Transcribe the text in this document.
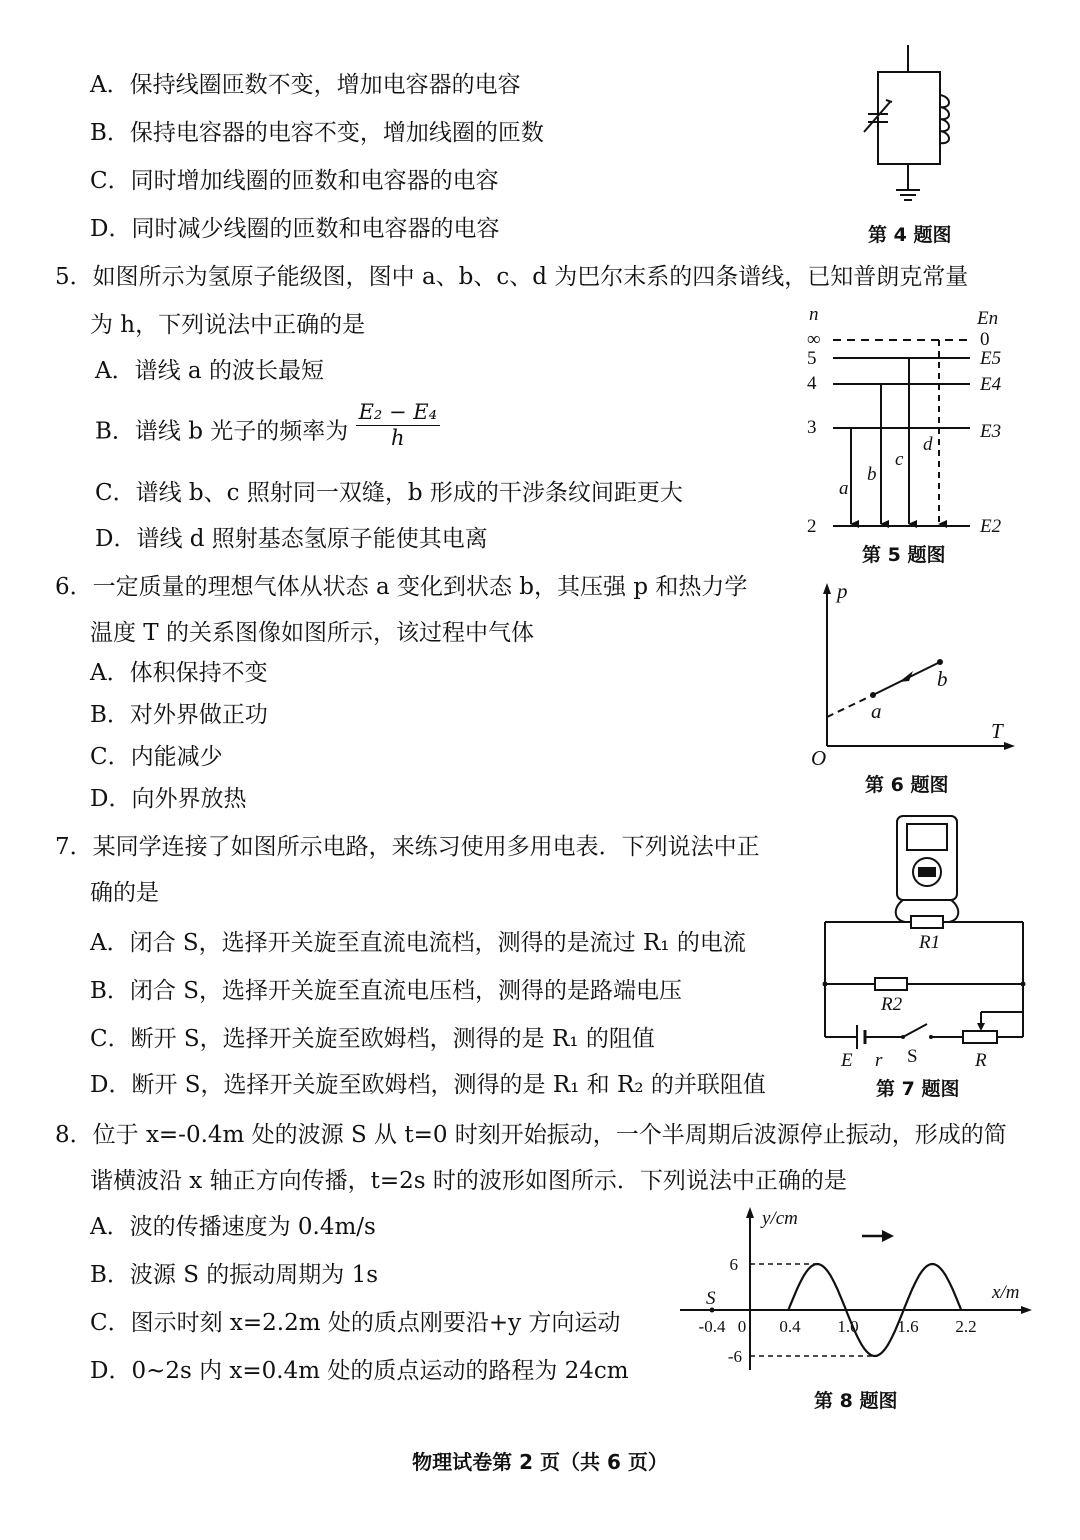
A．保持线圈匝数不变，增加电容器的电容
B．保持电容器的电容不变，增加线圈的匝数
C．同时增加线圈的匝数和电容器的电容
D．同时减少线圈的匝数和电容器的电容	第 4 题图
5．如图所示为氢原子能级图，图中 a、b、c、d 为巴尔末系的四条谱线，已知普朗克常量
为 h，下列说法中正确的是
A．谱线 a 的波长最短
B．谱线 b 光子的频率为 $\frac{\text{E₂ − E₄}}{h}$
C．谱线 b、c 照射同一双缝，b 形成的干涉条纹间距更大
D．谱线 d 照射基态氢原子能使其电离
n	En
∞
5
4
3
2
0
E5
E4
E3
E2
a
b
c
d
第 5 题图
6．一定质量的理想气体从状态 a 变化到状态 b，其压强 p 和热力学
温度 T 的关系图像如图所示，该过程中气体
A．体积保持不变
B．对外界做正功
C．内能减少
D．向外界放热
p
T
O
a
b
第 6 题图
7．某同学连接了如图所示电路，来练习使用多用电表．下列说法中正
确的是
A．闭合 S，选择开关旋至直流电流档，测得的是流过 R₁ 的电流
B．闭合 S，选择开关旋至直流电压档，测得的是路端电压
C．断开 S，选择开关旋至欧姆档，测得的是 R₁ 的阻值
D．断开 S，选择开关旋至欧姆档，测得的是 R₁ 和 R₂ 的并联阻值
R1
R2
E r S	R
第 7 题图
8．位于 x=-0.4m 处的波源 S 从 t=0 时刻开始振动，一个半周期后波源停止振动，形成的简
谐横波沿 x 轴正方向传播，t=2s 时的波形如图所示．下列说法中正确的是
A．波的传播速度为 0.4m/s
B．波源 S 的振动周期为 1s
C．图示时刻 x=2.2m 处的质点刚要沿+y 方向运动
D．0~2s 内 x=0.4m 处的质点运动的路程为 24cm
y/cm
x/m
S
6
-6
-0.4 0 0.4 1.0 1.6 2.2
第 8 题图
物理试卷第 2 页（共 6 页）
